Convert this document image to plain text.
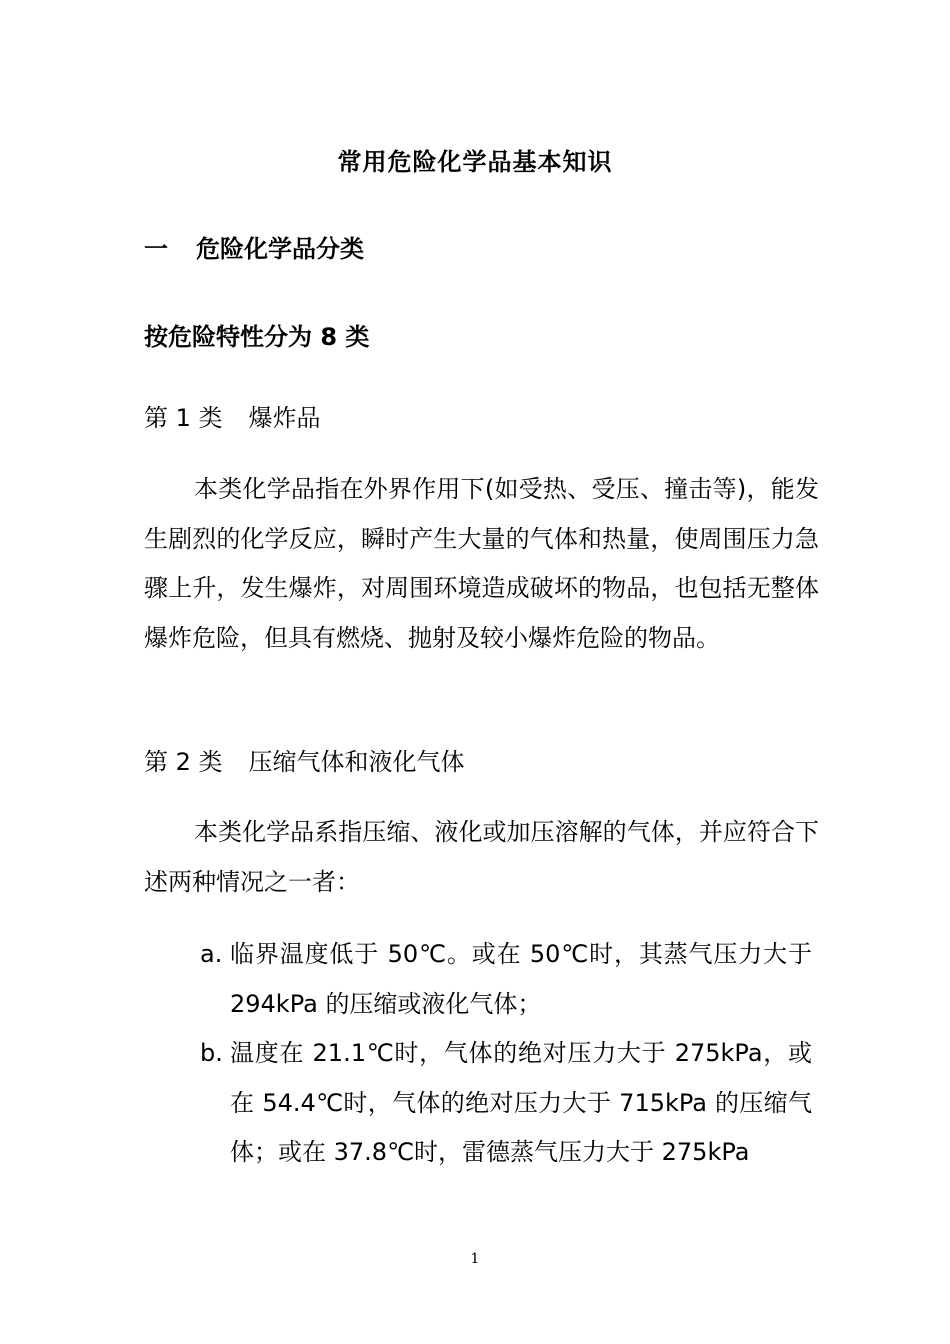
常用危险化学品基本知识
一 危险化学品分类
按危险特性分为 8 类
第 1 类 爆炸品

本类化学品指在外界作用下(如受热、受压、撞击等)，能发生剧烈的化学反应，瞬时产生大量的气体和热量，使周围压力急骤上升，发生爆炸，对周围环境造成破坏的物品，也包括无整体爆炸危险，但具有燃烧、抛射及较小爆炸危险的物品。

第 2 类 压缩气体和液化气体

本类化学品系指压缩、液化或加压溶解的气体，并应符合下述两种情况之一者：

a. 临界温度低于 50℃。或在 50℃时，其蒸气压力大于 294kPa 的压缩或液化气体；
b. 温度在 21.1℃时，气体的绝对压力大于 275kPa，或在 54.4℃时，气体的绝对压力大于 715kPa 的压缩气体；或在 37.8℃时，雷德蒸气压力大于 275kPa
1
